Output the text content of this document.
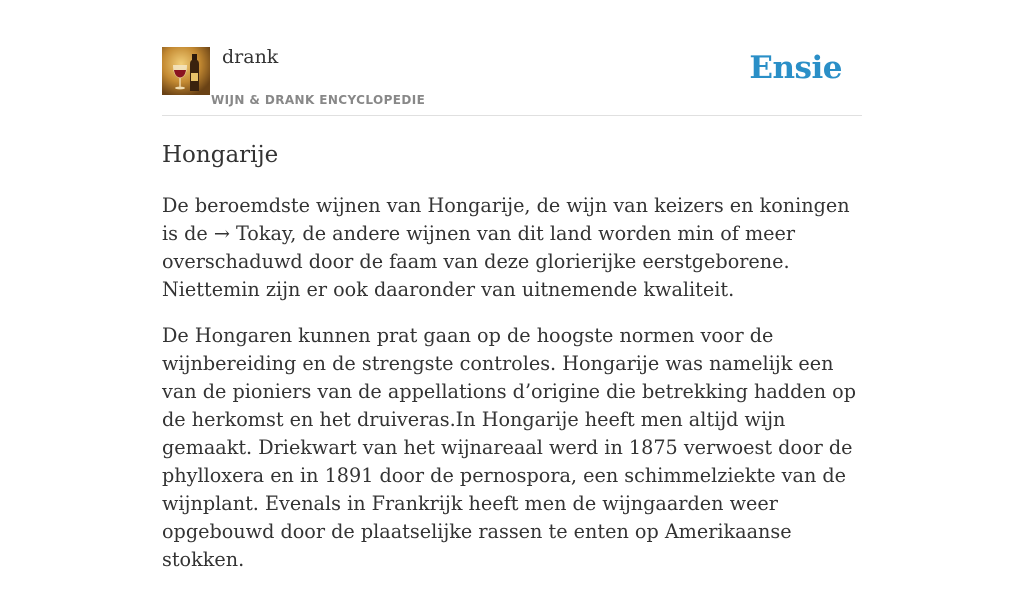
drank
WIJN & DRANK ENCYCLOPEDIE
Ensie
Hongarije

De beroemdste wijnen van Hongarije, de wijn van keizers en koningen is de → Tokay, de andere wijnen van dit land worden min of meer overschaduwd door de faam van deze glorierijke eerstgeborene. Niettemin zijn er ook daaronder van uitnemende kwaliteit.

De Hongaren kunnen prat gaan op de hoogste normen voor de wijnbereiding en de strengste controles. Hongarije was namelijk een van de pioniers van de appellations d’origine die betrekking hadden op de herkomst en het druiveras.In Hongarije heeft men altijd wijn gemaakt. Driekwart van het wijnareaal werd in 1875 verwoest door de phylloxera en in 1891 door de pernospora, een schimmelziekte van de wijnplant. Evenals in Frankrijk heeft men de wijngaarden weer opgebouwd door de plaatselijke rassen te enten op Amerikaanse stokken.
